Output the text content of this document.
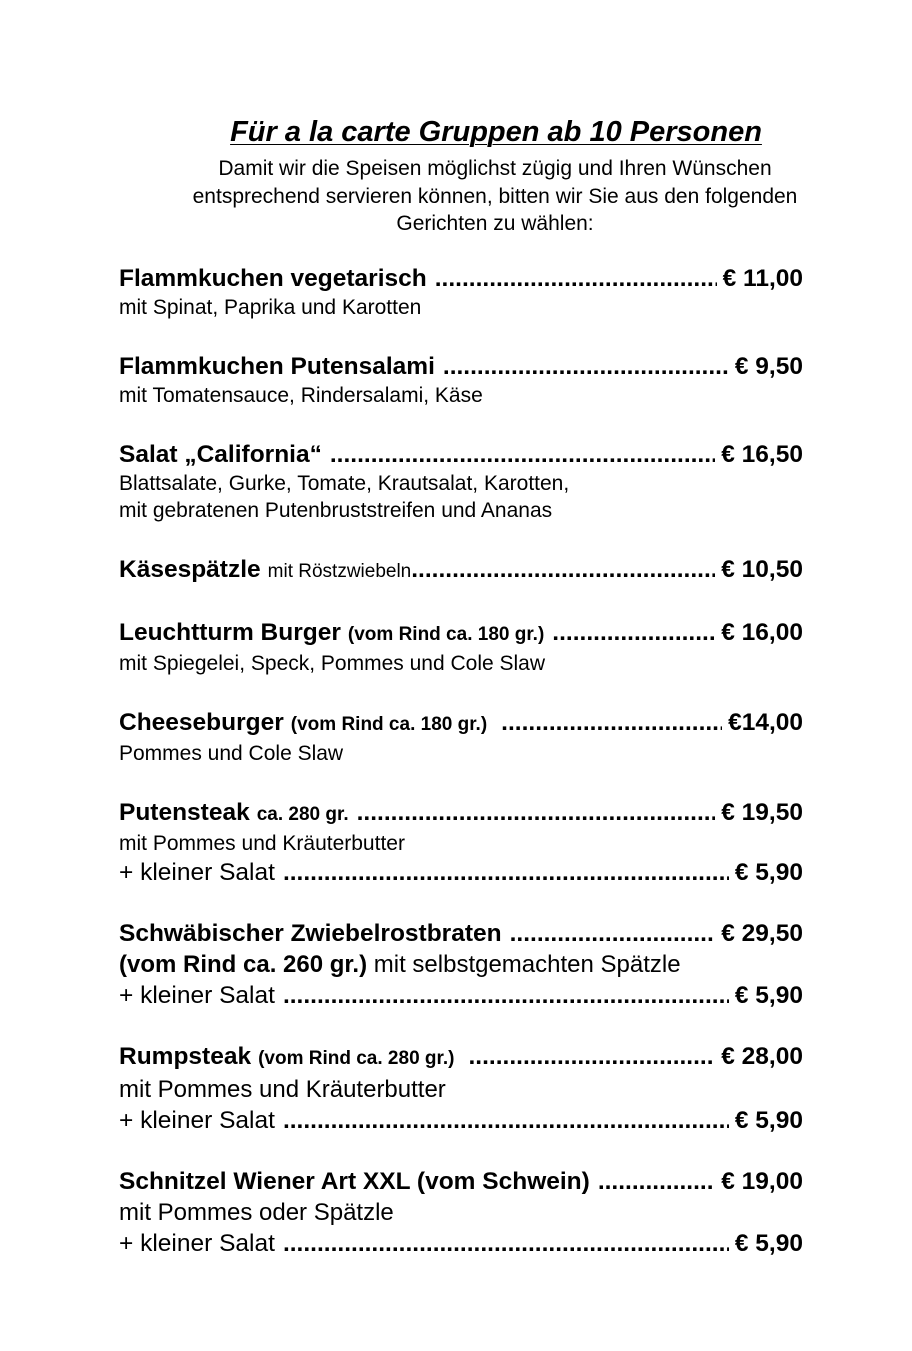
Für a la carte Gruppen ab 10 Personen
Damit wir die Speisen möglichst zügig und Ihren Wünschen
entsprechend servieren können, bitten wir Sie aus den folgenden
Gerichten zu wählen:
Flammkuchen vegetarisch .....	€ 11,00
mit Spinat, Paprika und Karotten
Flammkuchen Putensalami .....	€ 9,50
mit Tomatensauce, Rindersalami, Käse
Salat „California“ .....	€ 16,50
Blattsalate, Gurke, Tomate, Krautsalat, Karotten,
mit gebratenen Putenbruststreifen und Ananas
Käsespätzle mit Röstzwiebeln .....	€ 10,50
Leuchtturm Burger (vom Rind ca. 180 gr.) .....	€ 16,00
mit Spiegelei, Speck, Pommes und Cole Slaw
Cheeseburger (vom Rind ca. 180 gr.) .....	€14,00
Pommes und Cole Slaw
Putensteak ca. 280 gr. .....	€ 19,50
mit Pommes und Kräuterbutter
+ kleiner Salat .....	€ 5,90
Schwäbischer Zwiebelrostbraten .....	€ 29,50
(vom Rind ca. 260 gr.) mit selbstgemachten Spätzle
+ kleiner Salat .....	€ 5,90
Rumpsteak (vom Rind ca. 280 gr.) .....	€ 28,00
mit Pommes und Kräuterbutter
+ kleiner Salat .....	€ 5,90
Schnitzel Wiener Art XXL (vom Schwein) .....	€ 19,00
mit Pommes oder Spätzle
+ kleiner Salat .....	€ 5,90
